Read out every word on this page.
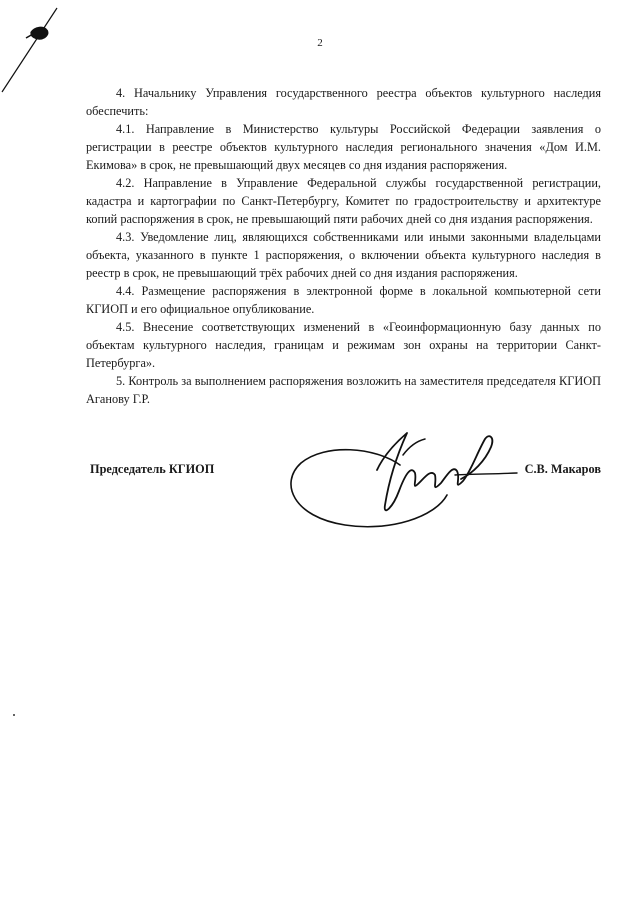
2

4. Начальнику Управления государственного реестра объектов культурного наследия обеспечить:

4.1. Направление в Министерство культуры Российской Федерации заявления о регистрации в реестре объектов культурного наследия регионального значения «Дом И.М. Екимова» в срок, не превышающий двух месяцев со дня издания распоряжения.

4.2. Направление в Управление Федеральной службы государственной регистрации, кадастра и картографии по Санкт-Петербургу, Комитет по градостроительству и архитектуре копий распоряжения в срок, не превышающий пяти рабочих дней со дня издания распоряжения.

4.3. Уведомление лиц, являющихся собственниками или иными законными владельцами объекта, указанного в пункте 1 распоряжения, о включении объекта культурного наследия в реестр в срок, не превышающий трёх рабочих дней со дня издания распоряжения.

4.4. Размещение распоряжения в электронной форме в локальной компьютерной сети КГИОП и его официальное опубликование.

4.5. Внесение соответствующих изменений в «Геоинформационную базу данных по объектам культурного наследия, границам и режимам зон охраны на территории Санкт-Петербурга».

5. Контроль за выполнением распоряжения возложить на заместителя председателя КГИОП Аганову Г.Р.

Председатель КГИОП	С.В. Макаров
